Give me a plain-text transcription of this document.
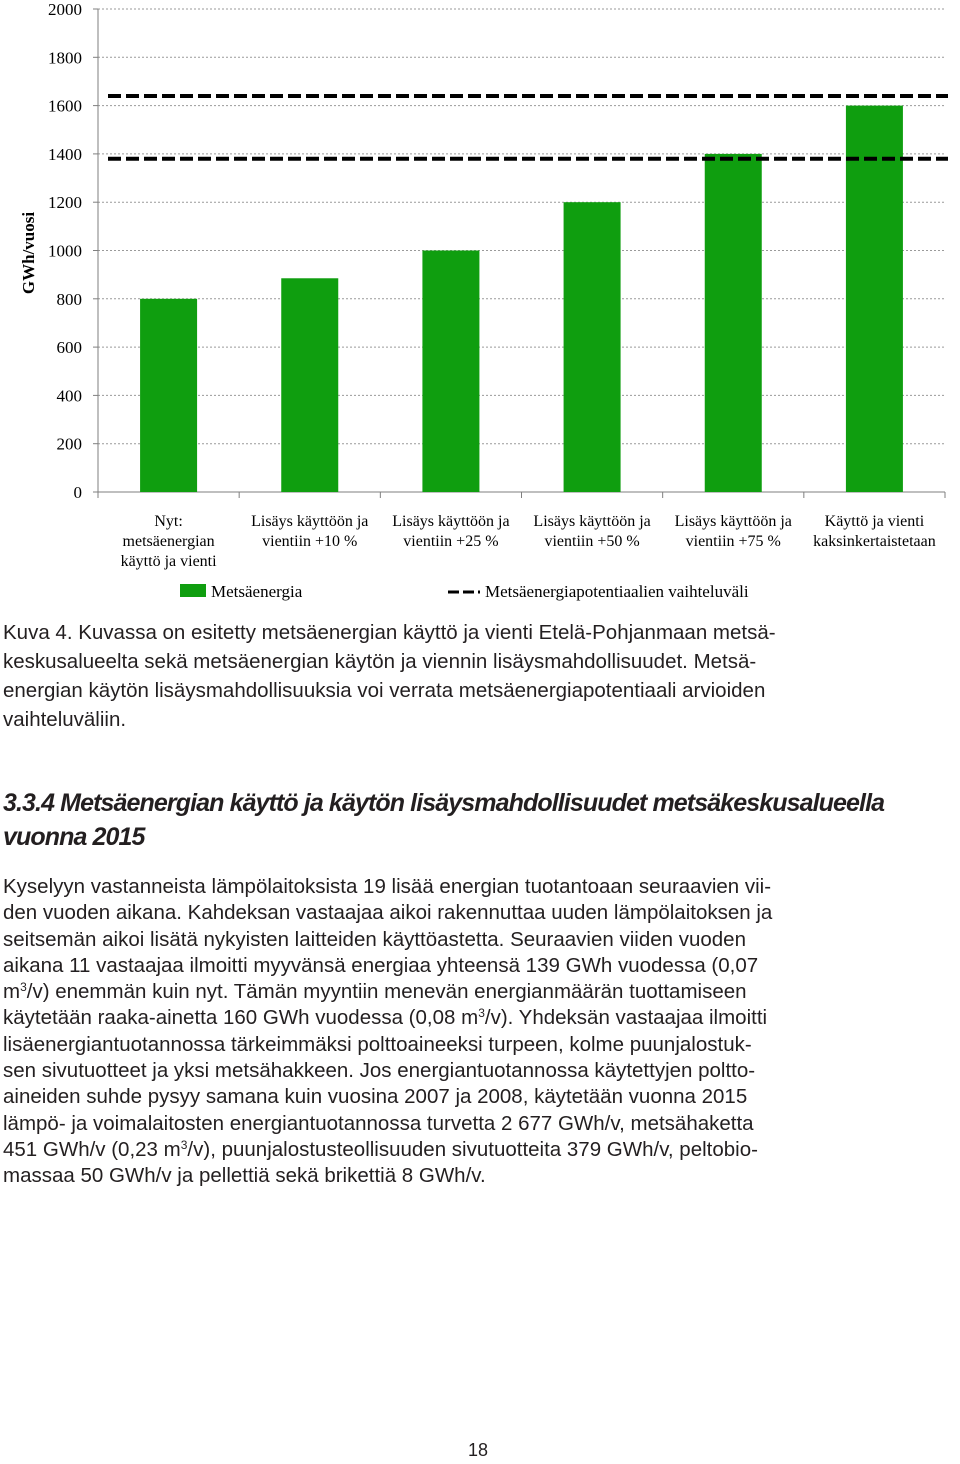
2000
1800
1600
1400
1200
1000
800
600
400
200
0
Nyt: metsäenergian käyttö ja vienti
Lisäys käyttöön ja vientiin +10 %
Lisäys käyttöön ja vientiin +25 %
Lisäys käyttöön ja vientiin +50 %
Lisäys käyttöön ja vientiin +75 %
Käyttö ja vienti kaksinkertaistetaan
GWh/vuosi
Metsäenergia	Metsäenergiapotentiaalien vaihteluväli

Kuva 4. Kuvassa on esitetty metsäenergian käyttö ja vienti Etelä-Pohjanmaan metsä-
keskusalueelta sekä metsäenergian käytön ja viennin lisäysmahdollisuudet. Metsä-
energian käytön lisäysmahdollisuuksia voi verrata metsäenergiapotentiaali arvioiden
vaihteluväliin.

3.3.4 Metsäenergian käyttö ja käytön lisäysmahdollisuudet metsäkeskusalueella
vuonna 2015

Kyselyyn vastanneista lämpölaitoksista 19 lisää energian tuotantoaan seuraavien vii-
den vuoden aikana. Kahdeksan vastaajaa aikoi rakennuttaa uuden lämpölaitoksen ja
seitsemän aikoi lisätä nykyisten laitteiden käyttöastetta. Seuraavien viiden vuoden
aikana 11 vastaajaa ilmoitti myyvänsä energiaa yhteensä 139 GWh vuodessa (0,07
$m^3/v$) enemmän kuin nyt. Tämän myyntiin menevän energianmäärän tuottamiseen
käytetään raaka-ainetta 160 GWh vuodessa (0,08 $m^3/v$). Yhdeksän vastaajaa ilmoitti
lisäenergiantuotannossa tärkeimmäksi polttoaineeksi turpeen, kolme puunjalostuk-
sen sivutuotteet ja yksi metsähakkeen. Jos energiantuotannossa käytettyjen poltto-
aineiden suhde pysyy samana kuin vuosina 2007 ja 2008, käytetään vuonna 2015
lämpö- ja voimalaitosten energiantuotannossa turvetta 2 677 GWh/v, metsähaketta
451 GWh/v (0,23 $m^3/v$), puunjalostusteollisuuden sivutuotteita 379 GWh/v, peltobio-
massaa 50 GWh/v ja pellettiä sekä brikettiä 8 GWh/v.

18
